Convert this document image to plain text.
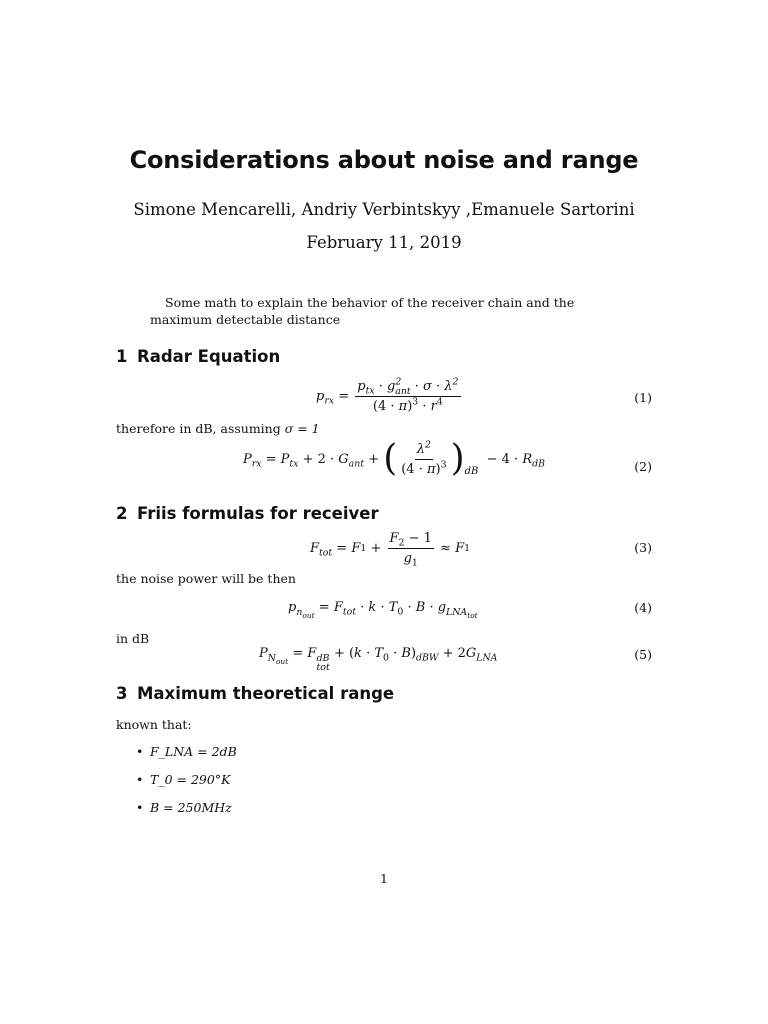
Considerations about noise and range
Simone Mencarelli, Andriy Verbintskyy ,Emanuele Sartorini
February 11, 2019

Some math to explain the behavior of the receiver chain and the maximum detectable distance

1 Radar Equation
$p_{rx} = \frac{p_{tx} \cdot g^2_{ant} \cdot \sigma \cdot \lambda^2}{(4 \cdot \pi)^3 \cdot r^4}$	(1)
therefore in dB, assuming σ = 1
$P_{rx} = P_{tx} + 2 \cdot G_{ant}$ + ( $\frac{\lambda^2}{(4 \cdot \pi)^3}$ ) dB
− $4 \cdot R_{dB}$	(2)
2 Friis formulas for receiver
$F_{tot} = F$ $1 + \frac{F_2 - 1}{g_1} \approx F$ 1	(3)
the noise power will be then
$p_{n_{out}} = F_{tot} \cdot k \cdot T_0 \cdot B \cdot g_{LNA_{tot}}$	(4)
in dB
$P_{N_{out}} = F$ dB
tot
+ $(k \cdot T_0 \cdot B)_{dBW} + 2G_{LNA}$	(5)
3 Maximum theoretical range
known that:
• F_LNA = 2dB
• T_0 = 290°K
• B = 250MHz
1
